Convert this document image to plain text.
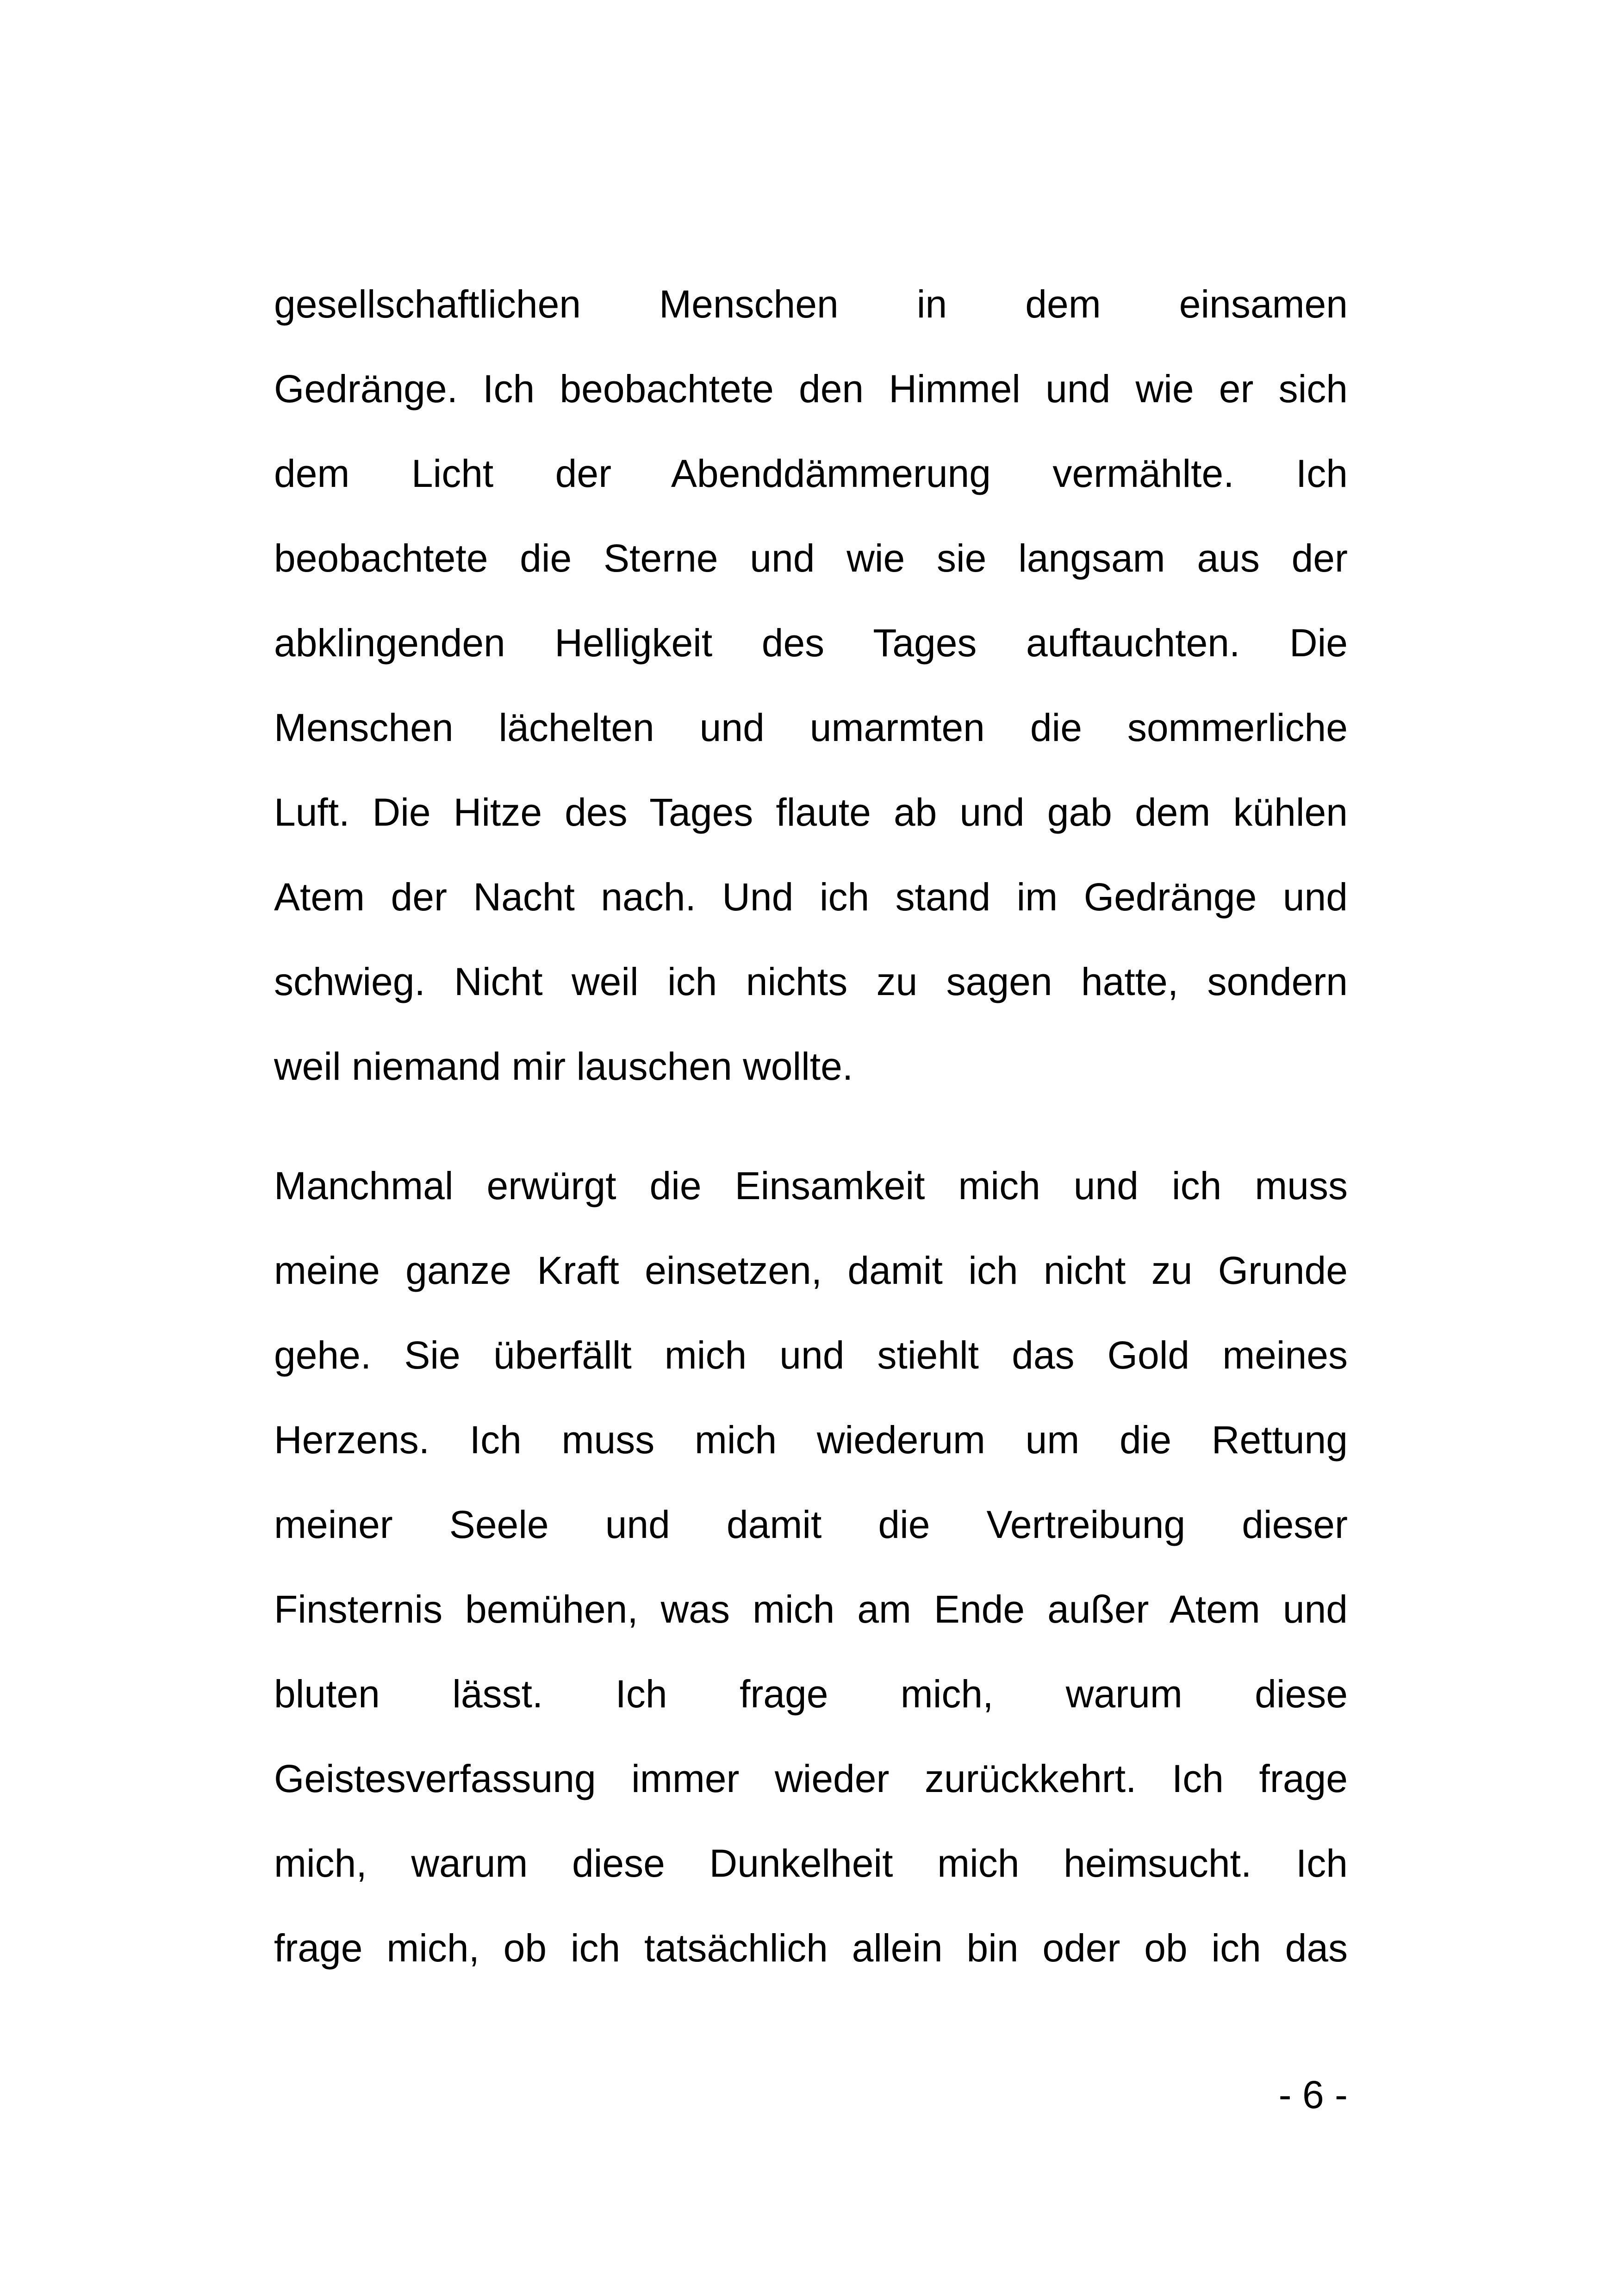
gesellschaftlichen Menschen in dem einsamen
Gedränge. Ich beobachtete den Himmel und wie er sich
dem Licht der Abenddämmerung vermählte. Ich
beobachtete die Sterne und wie sie langsam aus der
abklingenden Helligkeit des Tages auftauchten. Die
Menschen lächelten und umarmten die sommerliche
Luft. Die Hitze des Tages flaute ab und gab dem kühlen
Atem der Nacht nach. Und ich stand im Gedränge und
schwieg. Nicht weil ich nichts zu sagen hatte, sondern
weil niemand mir lauschen wollte.
Manchmal erwürgt die Einsamkeit mich und ich muss
meine ganze Kraft einsetzen, damit ich nicht zu Grunde
gehe. Sie überfällt mich und stiehlt das Gold meines
Herzens. Ich muss mich wiederum um die Rettung
meiner Seele und damit die Vertreibung dieser
Finsternis bemühen, was mich am Ende außer Atem und
bluten lässt. Ich frage mich, warum diese
Geistesverfassung immer wieder zurückkehrt. Ich frage
mich, warum diese Dunkelheit mich heimsucht. Ich
frage mich, ob ich tatsächlich allein bin oder ob ich das
- 6 -
